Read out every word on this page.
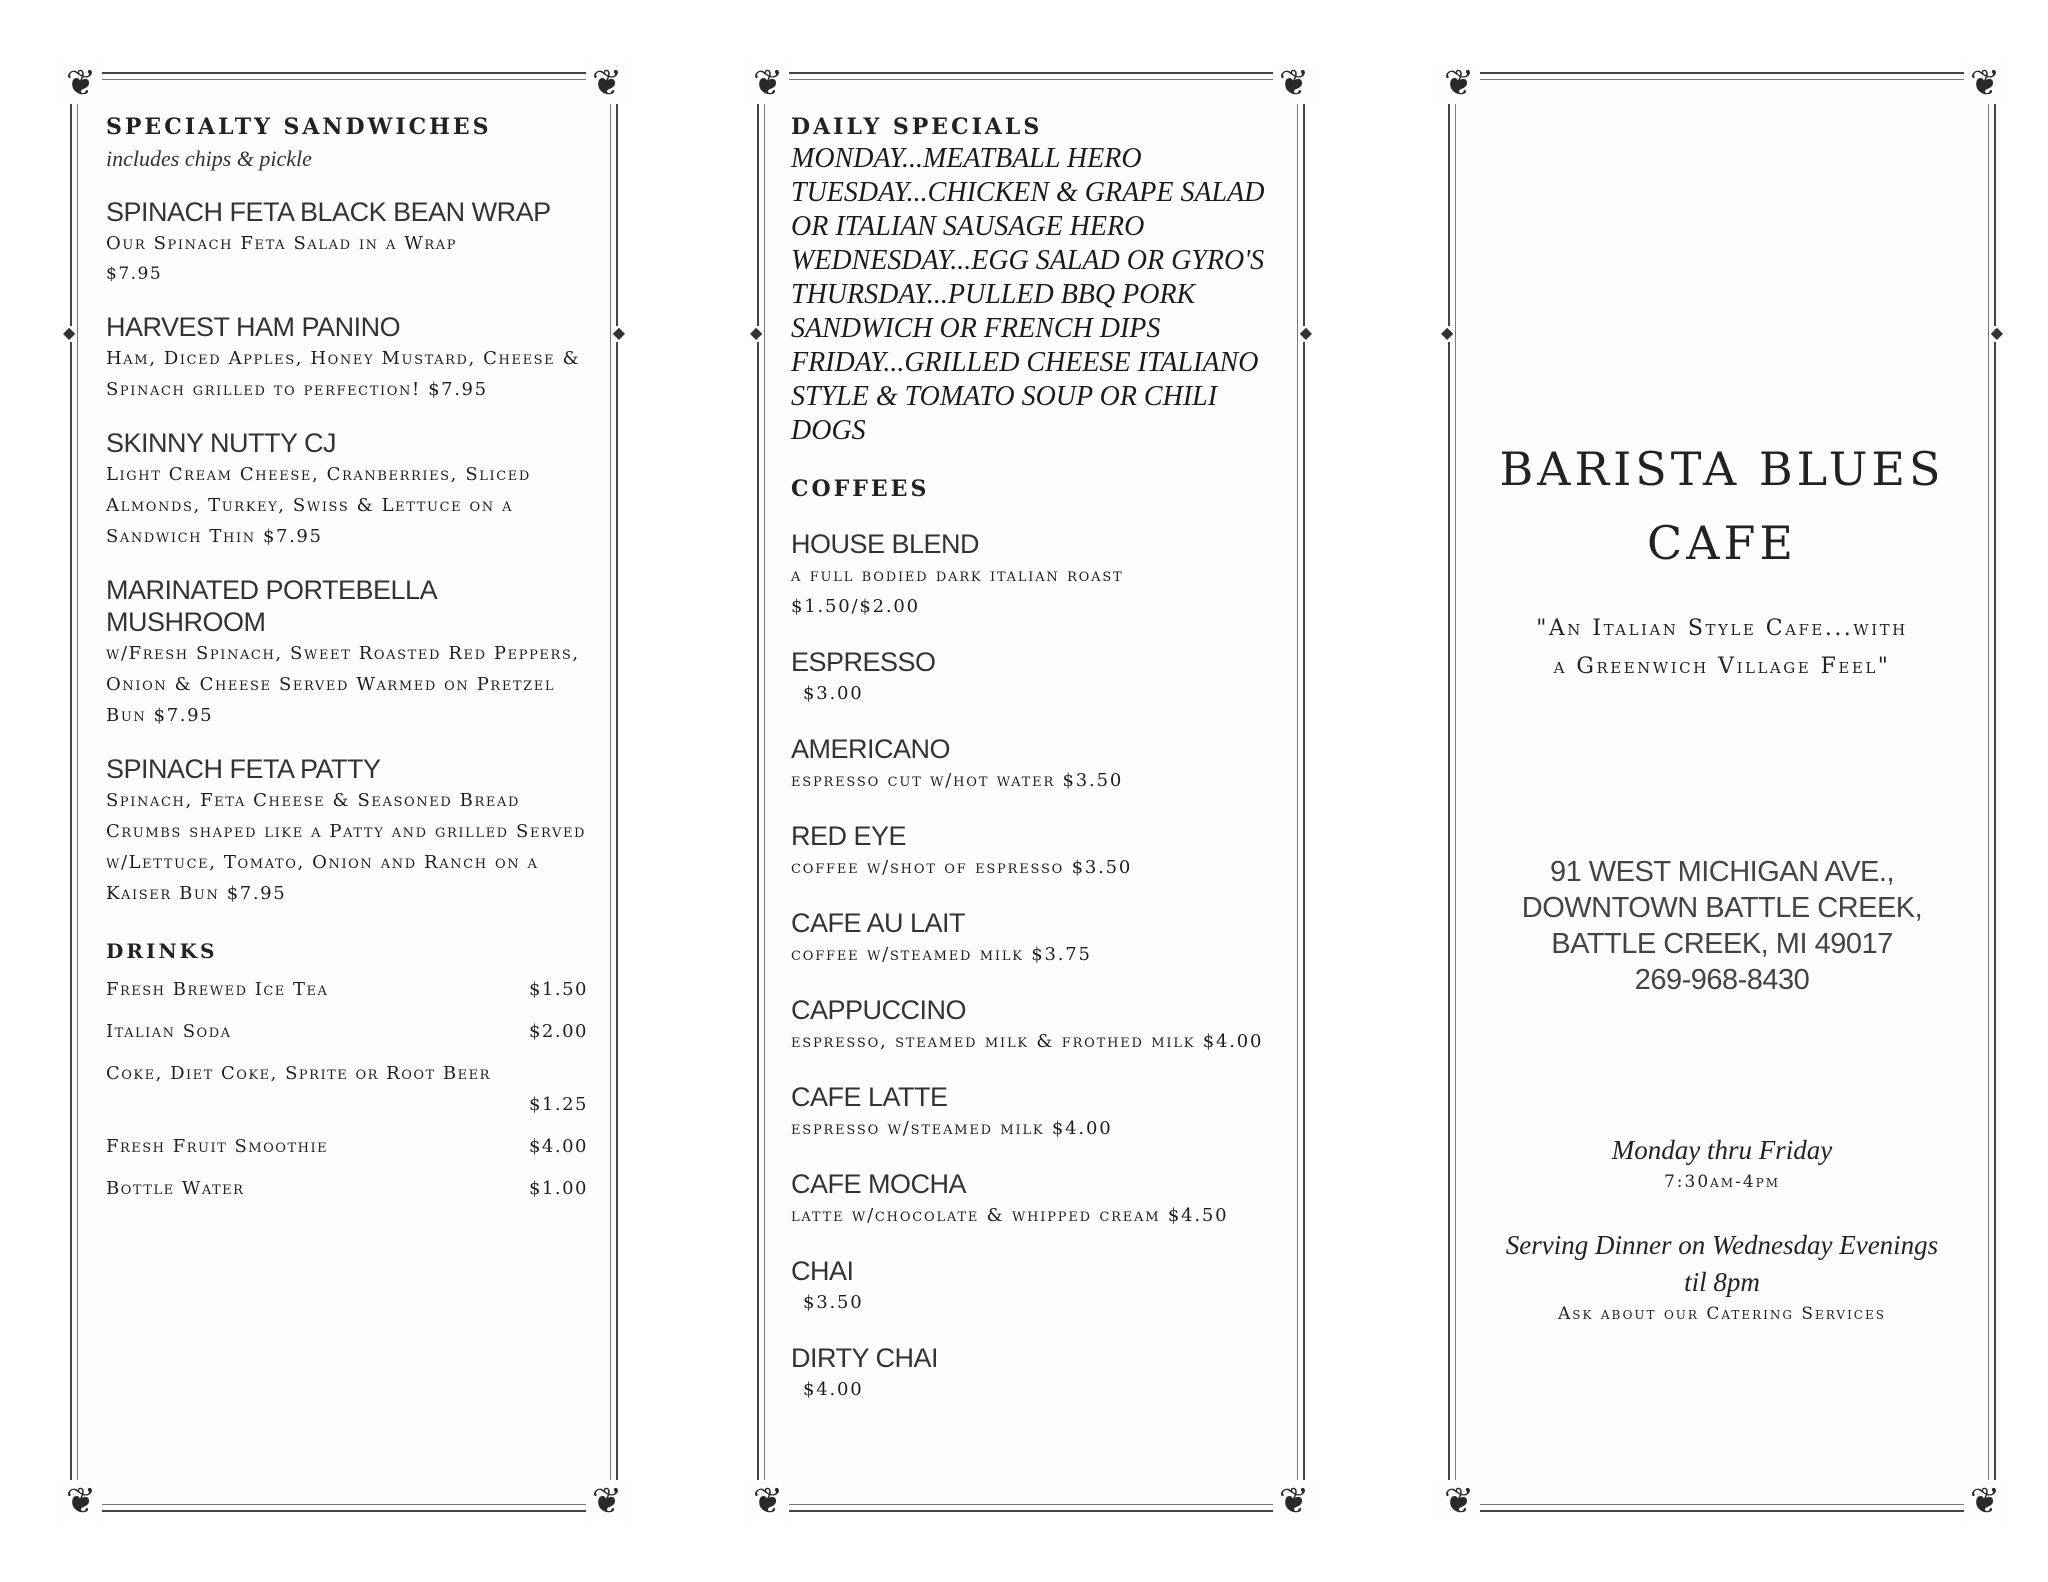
❦	❦
❦	❦
◆	◆
SPECIALTY SANDWICHES
includes chips & pickle
SPINACH FETA BLACK BEAN WRAP
Our Spinach Feta Salad in a Wrap
$7.95
HARVEST HAM PANINO
Ham, Diced Apples, Honey Mustard, Cheese & Spinach grilled to perfection! $7.95
SKINNY NUTTY CJ
Light Cream Cheese, Cranberries, Sliced Almonds, Turkey, Swiss & Lettuce on a Sandwich Thin $7.95
MARINATED PORTEBELLA MUSHROOM
w/Fresh Spinach, Sweet Roasted Red Peppers, Onion & Cheese Served Warmed on Pretzel Bun $7.95
SPINACH FETA PATTY
Spinach, Feta Cheese & Seasoned Bread Crumbs shaped like a Patty and grilled Served w/Lettuce, Tomato, Onion and Ranch on a Kaiser Bun $7.95
DRINKS
Fresh Brewed Ice Tea	$1.50
Italian Soda	$2.00
Coke, Diet Coke, Sprite or Root Beer
$1.25
Fresh Fruit Smoothie	$4.00
Bottle Water	$1.00
❦	❦
❦	❦
◆	◆
DAILY SPECIALS
MONDAY...MEATBALL HERO
TUESDAY...CHICKEN & GRAPE SALAD
OR ITALIAN SAUSAGE HERO
WEDNESDAY...EGG SALAD OR GYRO'S
THURSDAY...PULLED BBQ PORK
SANDWICH OR FRENCH DIPS
FRIDAY...GRILLED CHEESE ITALIANO
STYLE & TOMATO SOUP OR CHILI
DOGS
COFFEES
HOUSE BLEND
a full bodied dark italian roast
$1.50/$2.00
ESPRESSO
$3.00
AMERICANO
espresso cut w/hot water $3.50
RED EYE
coffee w/shot of espresso $3.50
CAFE AU LAIT
coffee w/steamed milk $3.75
CAPPUCCINO
espresso, steamed milk & frothed milk $4.00
CAFE LATTE
espresso w/steamed milk $4.00
CAFE MOCHA
latte w/chocolate & whipped cream $4.50
CHAI
$3.50
DIRTY CHAI
$4.00
❦	❦
❦	❦
◆	◆
BARISTA BLUES
CAFE
"An Italian Style Cafe...with
a Greenwich Village Feel"
91 WEST MICHIGAN AVE.,
DOWNTOWN BATTLE CREEK,
BATTLE CREEK, MI 49017
269-968-8430
Monday thru Friday
7:30am-4pm
Serving Dinner on Wednesday Evenings
til 8pm
Ask about our Catering Services
